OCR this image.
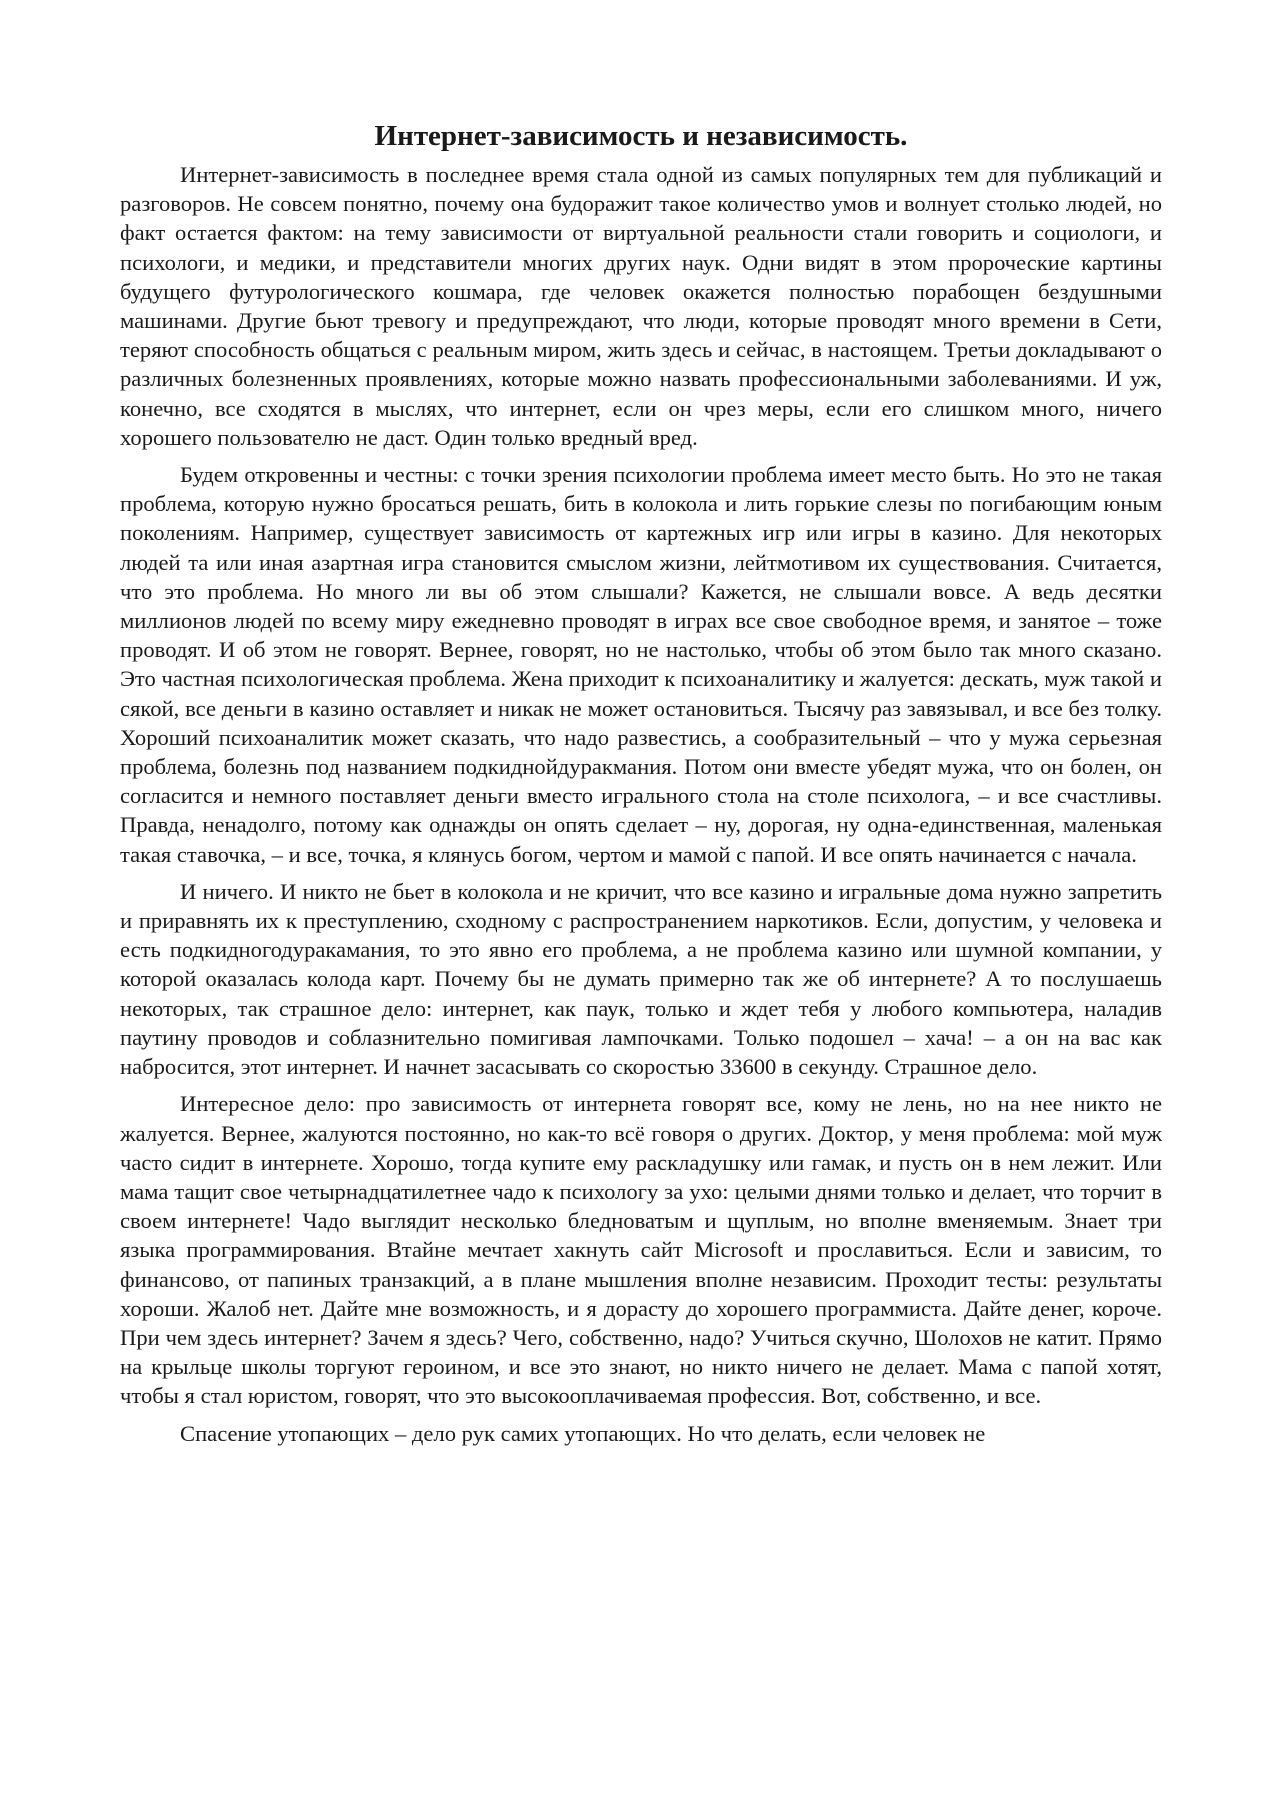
Интернет-зависимость и независимость.

Интернет-зависимость в последнее время стала одной из самых популярных тем для публикаций и разговоров. Не совсем понятно, почему она будоражит такое количество умов и волнует столько людей, но факт остается фактом: на тему зависимости от виртуальной реальности стали говорить и социологи, и психологи, и медики, и представители многих других наук. Одни видят в этом пророческие картины будущего футурологического кошмара, где человек окажется полностью порабощен бездушными машинами. Другие бьют тревогу и предупреждают, что люди, которые проводят много времени в Сети, теряют способность общаться с реальным миром, жить здесь и сейчас, в настоящем. Третьи докладывают о различных болезненных проявлениях, которые можно назвать профессиональными заболеваниями. И уж, конечно, все сходятся в мыслях, что интернет, если он чрез меры, если его слишком много, ничего хорошего пользователю не даст. Один только вредный вред.

Будем откровенны и честны: с точки зрения психологии проблема имеет место быть. Но это не такая проблема, которую нужно бросаться решать, бить в колокола и лить горькие слезы по погибающим юным поколениям. Например, существует зависимость от картежных игр или игры в казино. Для некоторых людей та или иная азартная игра становится смыслом жизни, лейтмотивом их существования. Считается, что это проблема. Но много ли вы об этом слышали? Кажется, не слышали вовсе. А ведь десятки миллионов людей по всему миру ежедневно проводят в играх все свое свободное время, и занятое – тоже проводят. И об этом не говорят. Вернее, говорят, но не настолько, чтобы об этом было так много сказано. Это частная психологическая проблема. Жена приходит к психоаналитику и жалуется: дескать, муж такой и сякой, все деньги в казино оставляет и никак не может остановиться. Тысячу раз завязывал, и все без толку. Хороший психоаналитик может сказать, что надо развестись, а сообразительный – что у мужа серьезная проблема, болезнь под названием подкиднойдуракмания. Потом они вместе убедят мужа, что он болен, он согласится и немного поставляет деньги вместо игрального стола на столе психолога, – и все счастливы. Правда, ненадолго, потому как однажды он опять сделает – ну, дорогая, ну одна-единственная, маленькая такая ставочка, – и все, точка, я клянусь богом, чертом и мамой с папой. И все опять начинается с начала.

И ничего. И никто не бьет в колокола и не кричит, что все казино и игральные дома нужно запретить и приравнять их к преступлению, сходному с распространением наркотиков. Если, допустим, у человека и есть подкидногодуракамания, то это явно его проблема, а не проблема казино или шумной компании, у которой оказалась колода карт. Почему бы не думать примерно так же об интернете? А то послушаешь некоторых, так страшное дело: интернет, как паук, только и ждет тебя у любого компьютера, наладив паутину проводов и соблазнительно помигивая лампочками. Только подошел – хача! – а он на вас как набросится, этот интернет. И начнет засасывать со скоростью 33600 в секунду. Страшное дело.

Интересное дело: про зависимость от интернета говорят все, кому не лень, но на нее никто не жалуется. Вернее, жалуются постоянно, но как-то всё говоря о других. Доктор, у меня проблема: мой муж часто сидит в интернете. Хорошо, тогда купите ему раскладушку или гамак, и пусть он в нем лежит. Или мама тащит свое четырнадцатилетнее чадо к психологу за ухо: целыми днями только и делает, что торчит в своем интернете! Чадо выглядит несколько бледноватым и щуплым, но вполне вменяемым. Знает три языка программирования. Втайне мечтает хакнуть сайт Microsoft и прославиться. Если и зависим, то финансово, от папиных транзакций, а в плане мышления вполне независим. Проходит тесты: результаты хороши. Жалоб нет. Дайте мне возможность, и я дорасту до хорошего программиста. Дайте денег, короче. При чем здесь интернет? Зачем я здесь? Чего, собственно, надо? Учиться скучно, Шолохов не катит. Прямо на крыльце школы торгуют героином, и все это знают, но никто ничего не делает. Мама с папой хотят, чтобы я стал юристом, говорят, что это высокооплачиваемая профессия. Вот, собственно, и все.

Спасение утопающих – дело рук самих утопающих. Но что делать, если человек не
